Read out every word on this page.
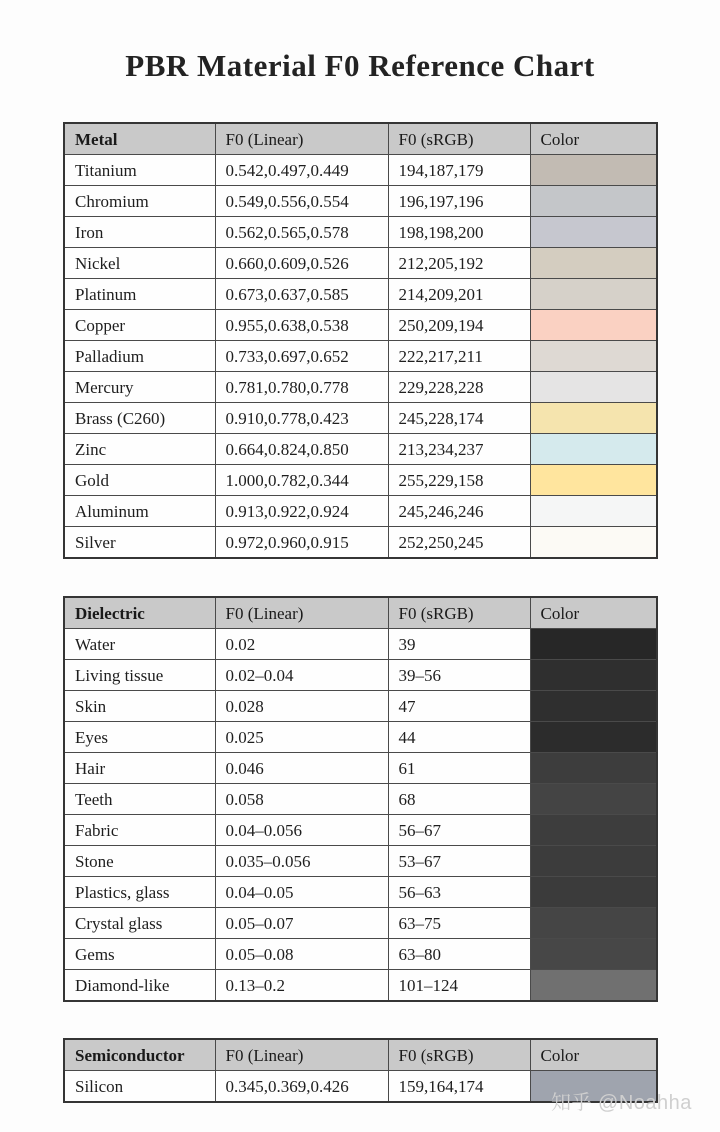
PBR Material F0 Reference Chart
Metal	F0 (Linear)	F0 (sRGB)	Color
Titanium	0.542,0.497,0.449	194,187,179	
Chromium	0.549,0.556,0.554	196,197,196	
Iron	0.562,0.565,0.578	198,198,200	
Nickel	0.660,0.609,0.526	212,205,192	
Platinum	0.673,0.637,0.585	214,209,201	
Copper	0.955,0.638,0.538	250,209,194	
Palladium	0.733,0.697,0.652	222,217,211	
Mercury	0.781,0.780,0.778	229,228,228	
Brass (C260)	0.910,0.778,0.423	245,228,174	
Zinc	0.664,0.824,0.850	213,234,237	
Gold	1.000,0.782,0.344	255,229,158	
Aluminum	0.913,0.922,0.924	245,246,246	
Silver	0.972,0.960,0.915	252,250,245	
Dielectric	F0 (Linear)	F0 (sRGB)	Color
Water	0.02	39	
Living tissue	0.02–0.04	39–56	
Skin	0.028	47	
Eyes	0.025	44	
Hair	0.046	61	
Teeth	0.058	68	
Fabric	0.04–0.056	56–67	
Stone	0.035–0.056	53–67	
Plastics, glass	0.04–0.05	56–63	
Crystal glass	0.05–0.07	63–75	
Gems	0.05–0.08	63–80	
Diamond-like	0.13–0.2	101–124	
Semiconductor	F0 (Linear)	F0 (sRGB)	Color
Silicon	0.345,0.369,0.426	159,164,174	
知乎 @Noahha
